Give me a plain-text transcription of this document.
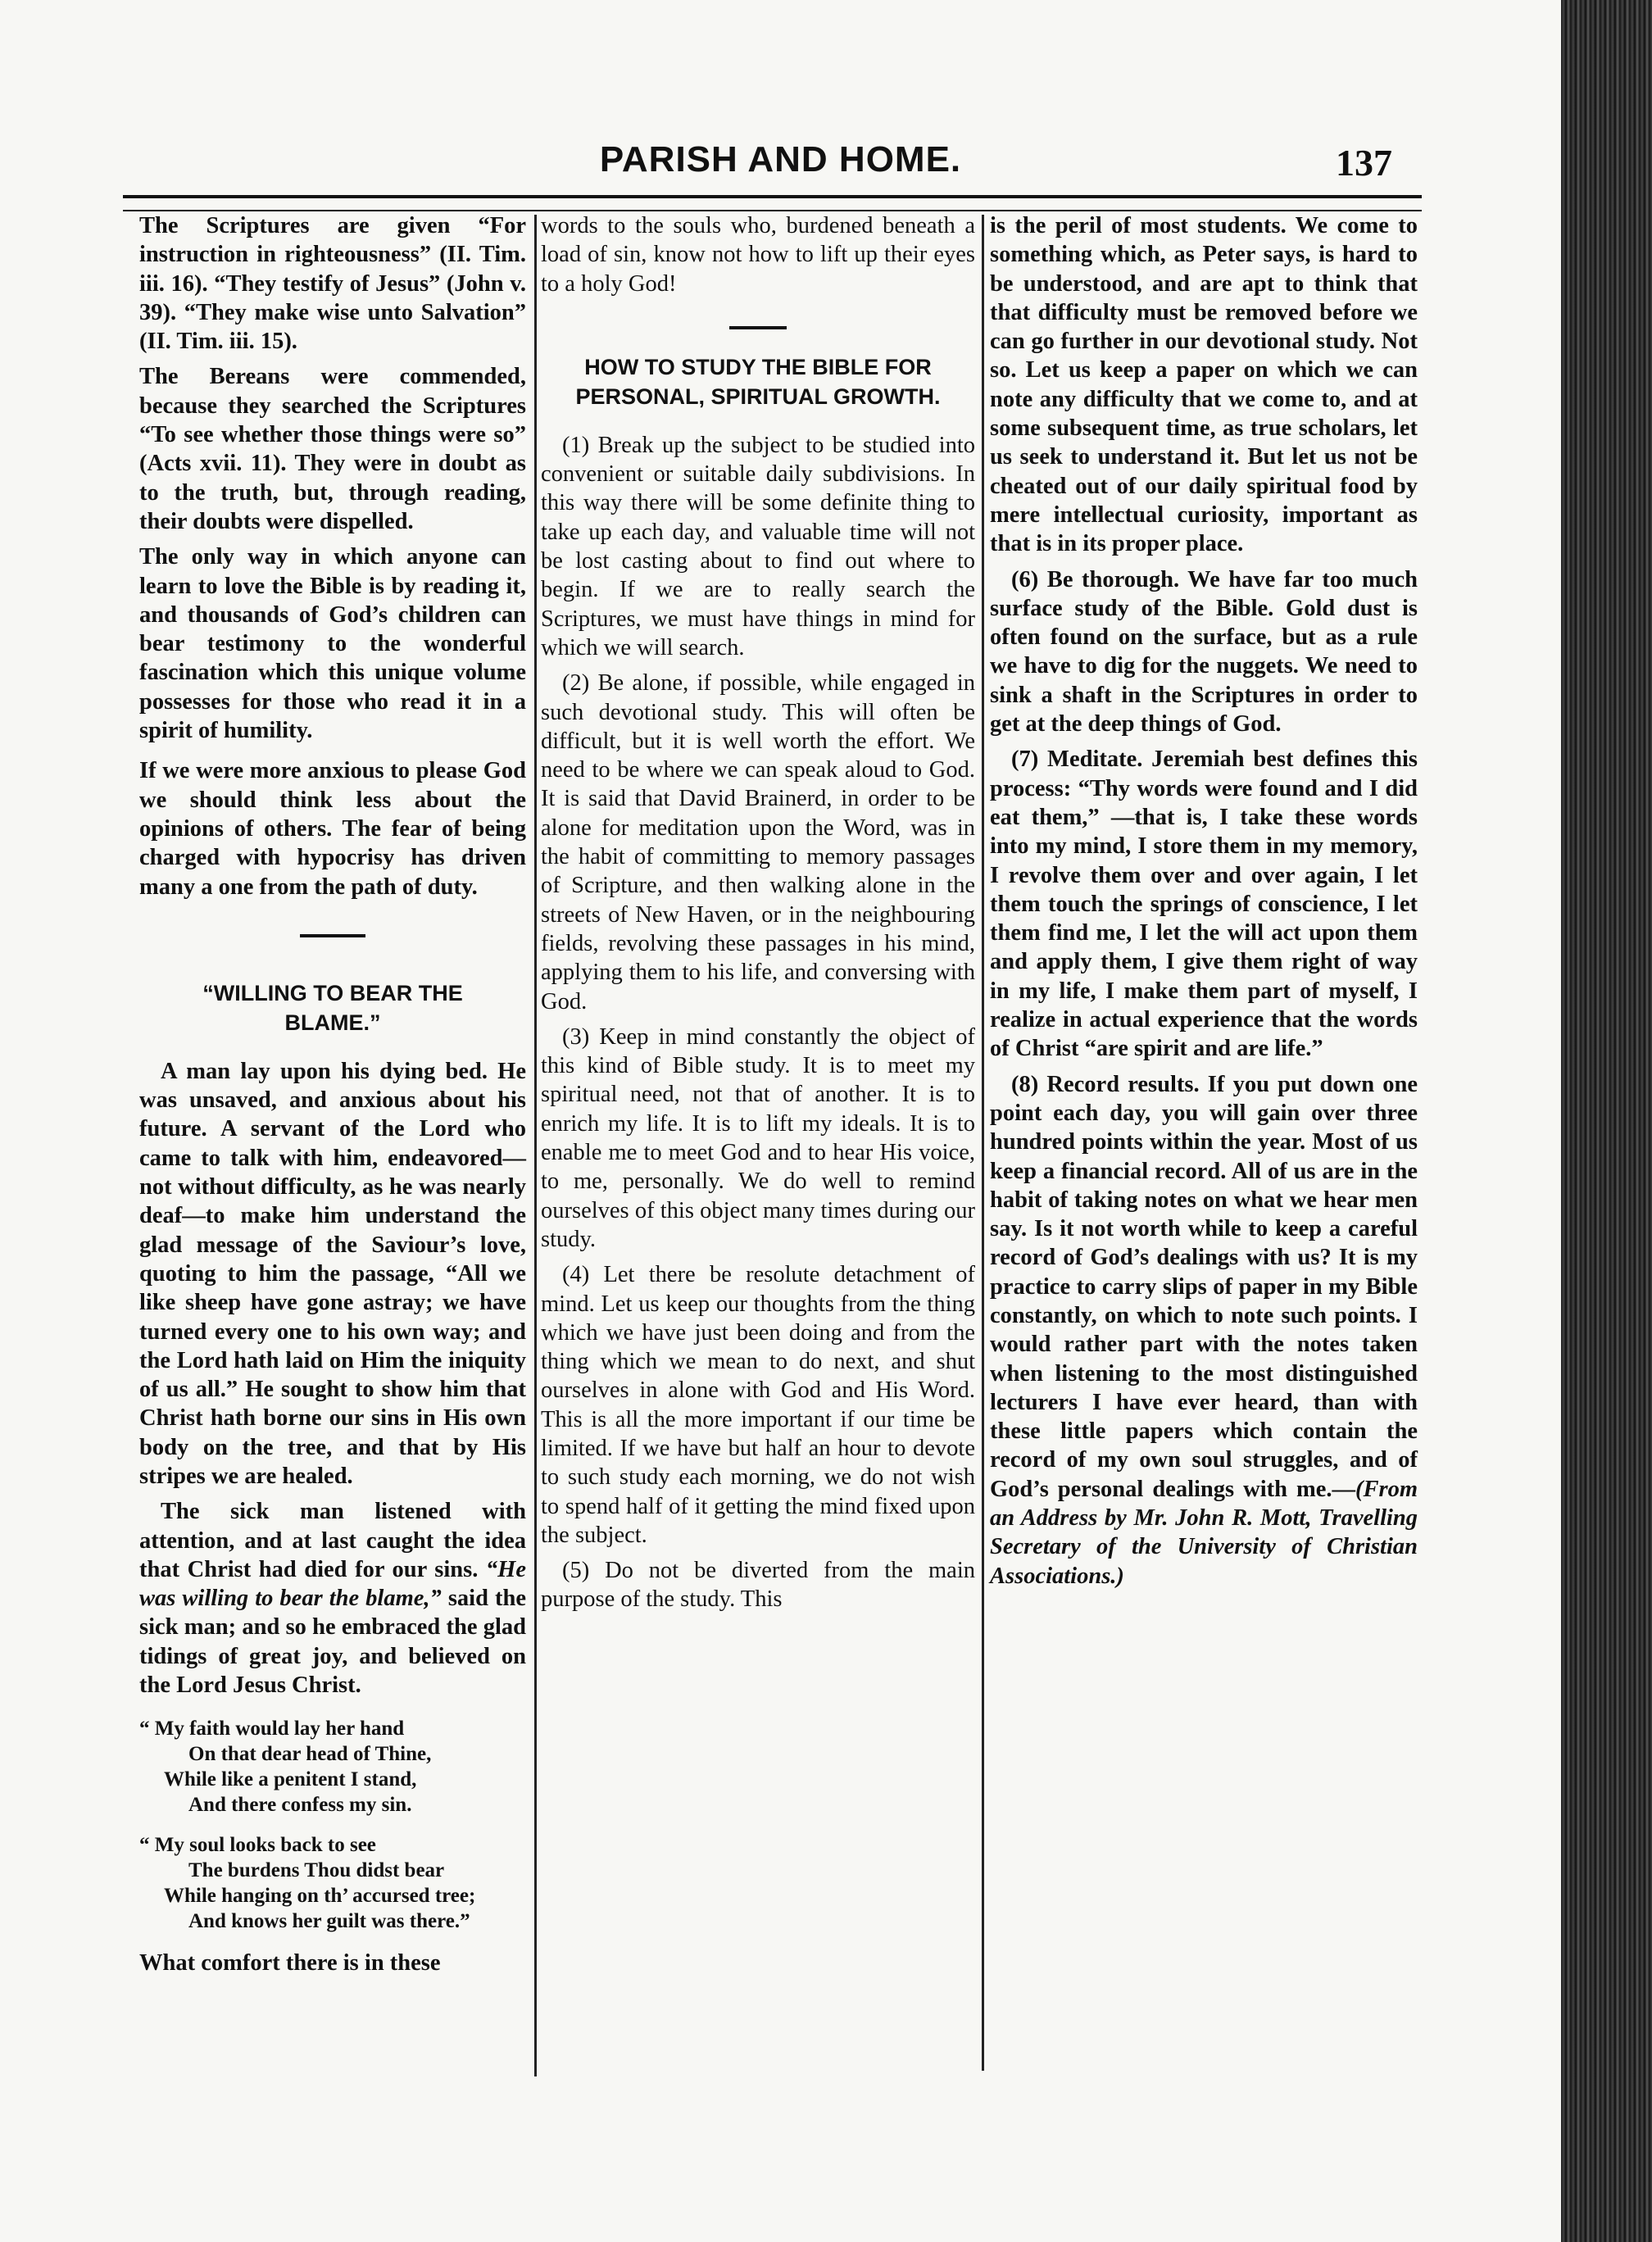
PARISH AND HOME.	137

The Scriptures are given “For instruction in righteousness” (II. Tim. iii. 16). “They testify of Jesus” (John v. 39). “They make wise unto Salvation” (II. Tim. iii. 15).

The Bereans were commended, because they searched the Scriptures “To see whether those things were so” (Acts xvii. 11). They were in doubt as to the truth, but, through reading, their doubts were dispelled.

The only way in which anyone can learn to love the Bible is by reading it, and thousands of God’s children can bear testimony to the wonderful fascination which this unique volume possesses for those who read it in a spirit of humility.

If we were more anxious to please God we should think less about the opinions of others. The fear of being charged with hypocrisy has driven many a one from the path of duty.

“WILLING TO BEAR THE BLAME.”

A man lay upon his dying bed. He was unsaved, and anxious about his future. A servant of the Lord who came to talk with him, endeavored—not without difficulty, as he was nearly deaf—to make him understand the glad message of the Saviour’s love, quoting to him the passage, “All we like sheep have gone astray; we have turned every one to his own way; and the Lord hath laid on Him the iniquity of us all.” He sought to show him that Christ hath borne our sins in His own body on the tree, and that by His stripes we are healed.

The sick man listened with attention, and at last caught the idea that Christ had died for our sins. “He was willing to bear the blame,” said the sick man; and so he embraced the glad tidings of great joy, and believed on the Lord Jesus Christ.

“ My faith would lay her hand
On that dear head of Thine,
While like a penitent I stand,
And there confess my sin.
“ My soul looks back to see
The burdens Thou didst bear
While hanging on th’ accursed tree;
And knows her guilt was there.”

What comfort there is in these

words to the souls who, burdened beneath a load of sin, know not how to lift up their eyes to a holy God!

HOW TO STUDY THE BIBLE FOR PERSONAL, SPIRITUAL GROWTH.

(1) Break up the subject to be studied into convenient or suitable daily subdivisions. In this way there will be some definite thing to take up each day, and valuable time will not be lost casting about to find out where to begin. If we are to really search the Scriptures, we must have things in mind for which we will search.

(2) Be alone, if possible, while engaged in such devotional study. This will often be difficult, but it is well worth the effort. We need to be where we can speak aloud to God. It is said that David Brainerd, in order to be alone for meditation upon the Word, was in the habit of committing to memory passages of Scripture, and then walking alone in the streets of New Haven, or in the neighbouring fields, revolving these passages in his mind, applying them to his life, and conversing with God.

(3) Keep in mind constantly the object of this kind of Bible study. It is to meet my spiritual need, not that of another. It is to enrich my life. It is to lift my ideals. It is to enable me to meet God and to hear His voice, to me, personally. We do well to remind ourselves of this object many times during our study.

(4) Let there be resolute detachment of mind. Let us keep our thoughts from the thing which we have just been doing and from the thing which we mean to do next, and shut ourselves in alone with God and His Word. This is all the more important if our time be limited. If we have but half an hour to devote to such study each morning, we do not wish to spend half of it getting the mind fixed upon the subject.

(5) Do not be diverted from the main purpose of the study. This

is the peril of most students. We come to something which, as Peter says, is hard to be understood, and are apt to think that that difficulty must be removed before we can go further in our devotional study. Not so. Let us keep a paper on which we can note any difficulty that we come to, and at some subsequent time, as true scholars, let us seek to understand it. But let us not be cheated out of our daily spiritual food by mere intellectual curiosity, important as that is in its proper place.

(6) Be thorough. We have far too much surface study of the Bible. Gold dust is often found on the surface, but as a rule we have to dig for the nuggets. We need to sink a shaft in the Scriptures in order to get at the deep things of God.

(7) Meditate. Jeremiah best defines this process: “Thy words were found and I did eat them,” —that is, I take these words into my mind, I store them in my memory, I revolve them over and over again, I let them touch the springs of conscience, I let them find me, I let the will act upon them and apply them, I give them right of way in my life, I make them part of myself, I realize in actual experience that the words of Christ “are spirit and are life.”

(8) Record results. If you put down one point each day, you will gain over three hundred points within the year. Most of us keep a financial record. All of us are in the habit of taking notes on what we hear men say. Is it not worth while to keep a careful record of God’s dealings with us? It is my practice to carry slips of paper in my Bible constantly, on which to note such points. I would rather part with the notes taken when listening to the most distinguished lecturers I have ever heard, than with these little papers which contain the record of my own soul struggles, and of God’s personal dealings with me.—(From an Address by Mr. John R. Mott, Travelling Secretary of the University of Christian Associations.)
